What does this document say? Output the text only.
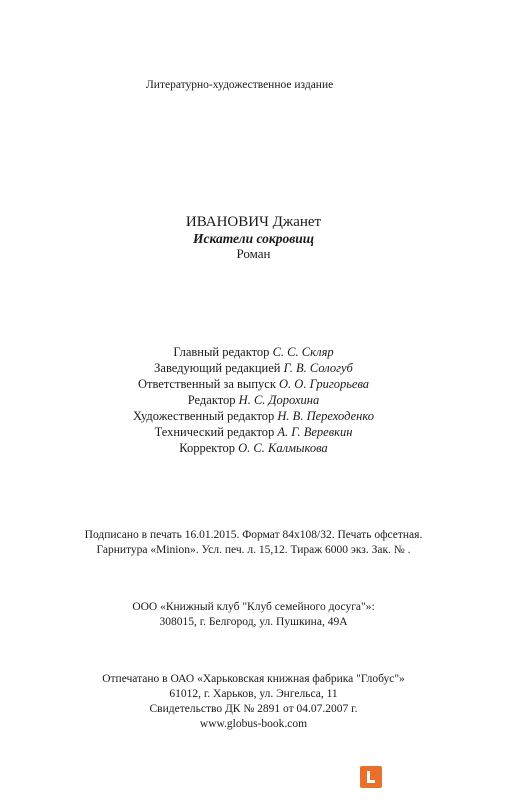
Литературно-художественное издание
ИВАНОВИЧ Джанет
Искатели сокровищ
Роман
Главный редактор С. С. Скляр
Заведующий редакцией Г. В. Сологуб
Ответственный за выпуск О. О. Григорьева
Редактор Н. С. Дорохина
Художественный редактор Н. В. Переходенко
Технический редактор А. Г. Веревкин
Корректор О. С. Калмыкова
Подписано в печать 16.01.2015. Формат 84x108/32. Печать офсетная.
Гарнитура «Minion». Усл. печ. л. 15,12. Тираж 6000 экз. Зак. № .
ООО «Книжный клуб "Клуб семейного досуга"»:
308015, г. Белгород, ул. Пушкина, 49А
Отпечатано в ОАО «Харьковская книжная фабрика "Глобус"»
61012, г. Харьков, ул. Энгельса, 11
Свидетельство ДК № 2891 от 04.07.2007 г.
www.globus-book.com
